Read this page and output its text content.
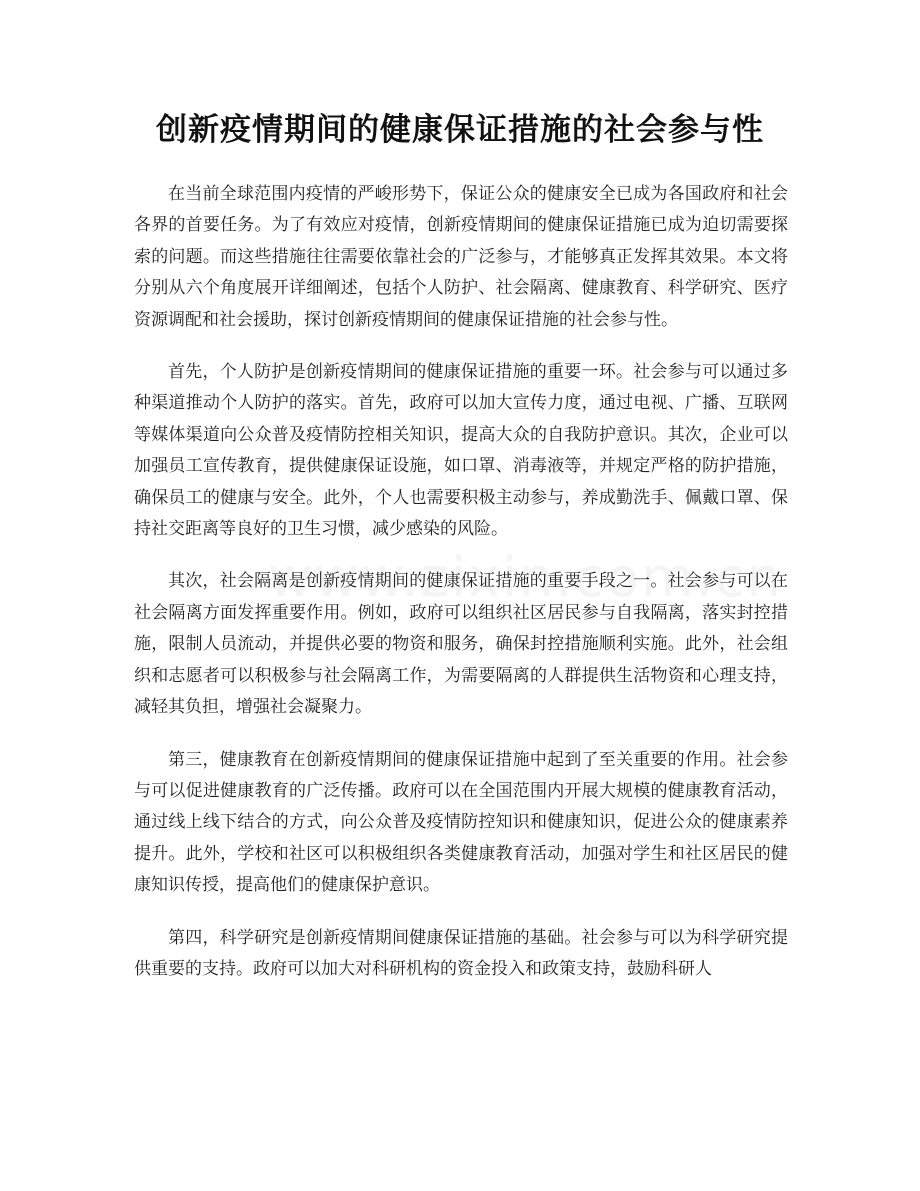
创新疫情期间的健康保证措施的社会参与性

在当前全球范围内疫情的严峻形势下，保证公众的健康安全已成为各国政府和社会各界的首要任务。为了有效应对疫情，创新疫情期间的健康保证措施已成为迫切需要探索的问题。而这些措施往往需要依靠社会的广泛参与，才能够真正发挥其效果。本文将分别从六个角度展开详细阐述，包括个人防护、社会隔离、健康教育、科学研究、医疗资源调配和社会援助，探讨创新疫情期间的健康保证措施的社会参与性。

首先，个人防护是创新疫情期间的健康保证措施的重要一环。社会参与可以通过多种渠道推动个人防护的落实。首先，政府可以加大宣传力度，通过电视、广播、互联网等媒体渠道向公众普及疫情防控相关知识，提高大众的自我防护意识。其次，企业可以加强员工宣传教育，提供健康保证设施，如口罩、消毒液等，并规定严格的防护措施，确保员工的健康与安全。此外，个人也需要积极主动参与，养成勤洗手、佩戴口罩、保持社交距离等良好的卫生习惯，减少感染的风险。

其次，社会隔离是创新疫情期间的健康保证措施的重要手段之一。社会参与可以在社会隔离方面发挥重要作用。例如，政府可以组织社区居民参与自我隔离，落实封控措施，限制人员流动，并提供必要的物资和服务，确保封控措施顺利实施。此外，社会组织和志愿者可以积极参与社会隔离工作，为需要隔离的人群提供生活物资和心理支持，减轻其负担，增强社会凝聚力。

第三，健康教育在创新疫情期间的健康保证措施中起到了至关重要的作用。社会参与可以促进健康教育的广泛传播。政府可以在全国范围内开展大规模的健康教育活动，通过线上线下结合的方式，向公众普及疫情防控知识和健康知识，促进公众的健康素养提升。此外，学校和社区可以积极组织各类健康教育活动，加强对学生和社区居民的健康知识传授，提高他们的健康保护意识。

第四，科学研究是创新疫情期间健康保证措施的基础。社会参与可以为科学研究提供重要的支持。政府可以加大对科研机构的资金投入和政策支持，鼓励科研人
